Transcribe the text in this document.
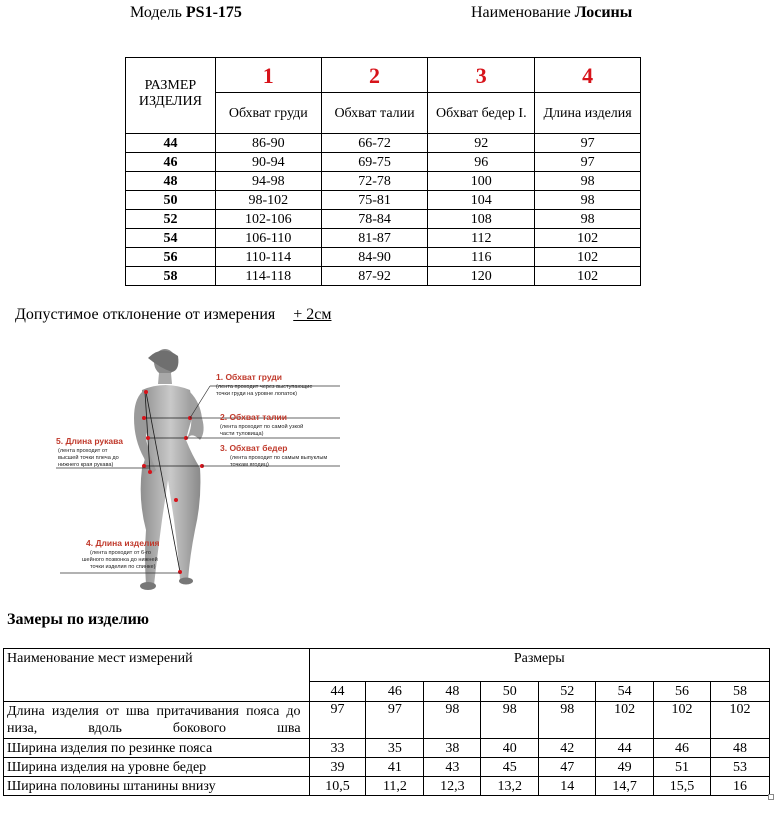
Модель PS1-175	Наименование Лосины
РАЗМЕР ИЗДЕЛИЯ	1	2	3	4
	Обхват груди	Обхват талии	Обхват бедер I.	Длина изделия
44	86-90	66-72	92	97
46	90-94	69-75	96	97
48	94-98	72-78	100	98
50	98-102	75-81	104	98
52	102-106	78-84	108	98
54	106-110	81-87	112	102
56	110-114	84-90	116	102
58	114-118	87-92	120	102
Допустимое отклонение от измерения + 2см
1. Обхват груди
(лента проходит через выступающие
точки груди на уровне лопаток)
2. Обхват талии
(лента проходит по самой узкой
части туловища)
3. Обхват бедер
(лента проходит по самым выпуклым
точкам ягодиц)
4. Длина изделия
(лента проходит от 6-го
шейного позвонка до нижней
точки изделия по спинке)
5. Длина рукава
(лента проходит от
высшей точки плеча до
нижнего края рукава)
Замеры по изделию
Наименование мест измерений	Размеры							
	44	46	48	50	52	54	56	58
Длина изделия от шва притачивания пояса до низа, вдоль бокового шва	97	97	98	98	98	102	102	102
Ширина изделия по резинке пояса	33	35	38	40	42	44	46	48
Ширина изделия на уровне бедер	39	41	43	45	47	49	51	53
Ширина половины штанины внизу	10,5	11,2	12,3	13,2	14	14,7	15,5	16
